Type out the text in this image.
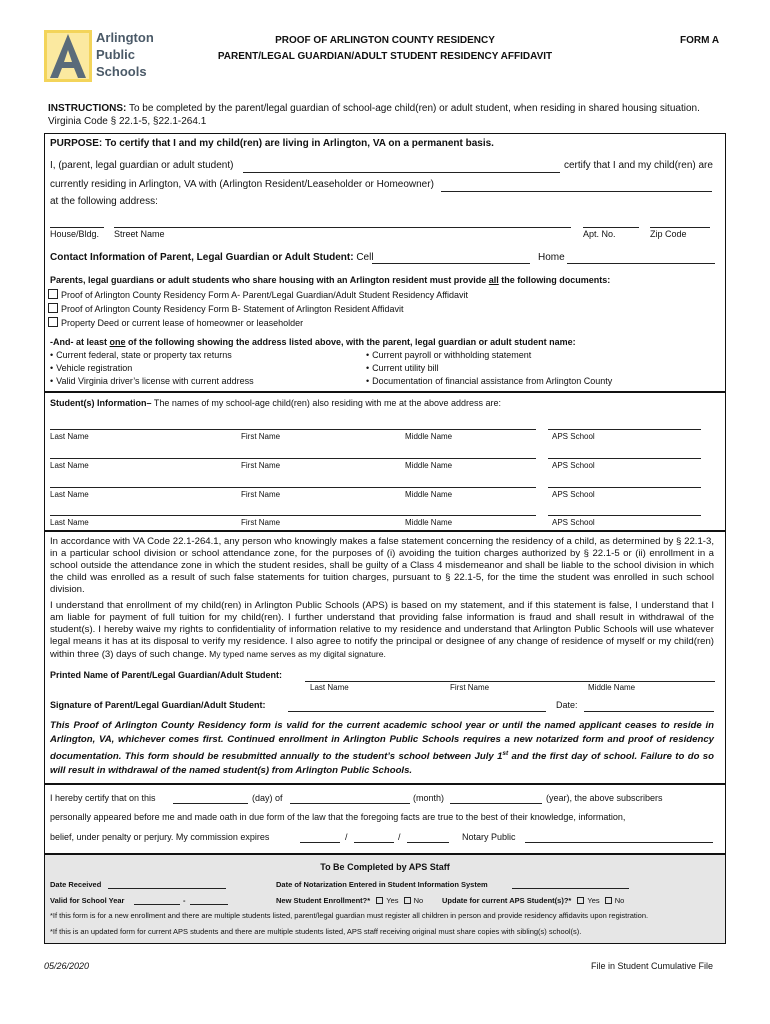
Arlington
Public
Schools
PROOF OF ARLINGTON COUNTY RESIDENCY
PARENT/LEGAL GUARDIAN/ADULT STUDENT RESIDENCY AFFIDAVIT
FORM A
INSTRUCTIONS: To be completed by the parent/legal guardian of school-age child(ren) or adult student, when residing in shared housing situation.
Virginia Code § 22.1-5, §22.1-264.1
PURPOSE: To certify that I and my child(ren) are living in Arlington, VA on a permanent basis.
I, (parent, legal guardian or adult student)	certify that I and my child(ren) are
currently residing in Arlington, VA with (Arlington Resident/Leaseholder or Homeowner)
at the following address:
House/Bldg. Street Name	Apt. No.	Zip Code
Contact Information of Parent, Legal Guardian or Adult Student: Cell	Home
Parents, legal guardians or adult students who share housing with an Arlington resident must provide all the following documents:
Proof of Arlington County Residency Form A- Parent/Legal Guardian/Adult Student Residency Affidavit
Proof of Arlington County Residency Form B- Statement of Arlington Resident Affidavit
Property Deed or current lease of homeowner or leaseholder
-And- at least one of the following showing the address listed above, with the parent, legal guardian or adult student name:
• Current federal, state or property tax returns
• Vehicle registration
• Valid Virginia driver’s license with current address
• Current payroll or withholding statement
• Current utility bill
• Documentation of financial assistance from Arlington County
Student(s) Information– The names of my school-age child(ren) also residing with me at the above address are:
Last Name	First Name	Middle Name	APS School
Last Name	First Name	Middle Name	APS School
Last Name	First Name	Middle Name	APS School
Last Name	First Name	Middle Name	APS School
In accordance with VA Code 22.1-264.1, any person who knowingly makes a false statement concerning the residency of a child, as determined by § 22.1-3, in a particular school division or school attendance zone, for the purposes of (i) avoiding the tuition charges authorized by § 22.1-5 or (ii) enrollment in a school outside the attendance zone in which the student resides, shall be guilty of a Class 4 misdemeanor and shall be liable to the school division in which the child was enrolled as a result of such false statements for tuition charges, pursuant to § 22.1-5, for the time the student was enrolled in such school division.
I understand that enrollment of my child(ren) in Arlington Public Schools (APS) is based on my statement, and if this statement is false, I understand that I am liable for payment of full tuition for my child(ren). I further understand that providing false information is fraud and shall result in withdrawal of the student(s). I hereby waive my rights to confidentiality of information relative to my residence and understand that Arlington Public Schools will use whatever legal means it has at its disposal to verify my residence. I also agree to notify the principal or designee of any change of residence of myself or my child(ren) within three (3) days of such change. My typed name serves as my digital signature.
Printed Name of Parent/Legal Guardian/Adult Student:
Last Name	First Name	Middle Name
Signature of Parent/Legal Guardian/Adult Student:	Date:
This Proof of Arlington County Residency form is valid for the current academic school year or until the named applicant ceases to reside in Arlington, VA, whichever comes first. Continued enrollment in Arlington Public Schools requires a new notarized form and proof of residency documentation. This form should be resubmitted annually to the student’s school between July 1st and the first day of school. Failure to do so will result in withdrawal of the named student(s) from Arlington Public Schools.
I hereby certify that on this	(day) of	(month)	(year), the above subscribers
personally appeared before me and made oath in due form of the law that the foregoing facts are true to the best of their knowledge, information,
belief, under penalty or perjury. My commission expires	/	/	Notary Public
To Be Completed by APS Staff
Date Received	Date of Notarization Entered in Student Information System
Valid for School Year	-	New Student Enrollment?* Yes No	Update for current APS Student(s)?* Yes No
*If this form is for a new enrollment and there are multiple students listed, parent/legal guardian must register all children in person and provide residency affidavits upon registration.
*If this is an updated form for current APS students and there are multiple students listed, APS staff receiving original must share copies with sibling(s) school(s).
05/26/2020	File in Student Cumulative File
